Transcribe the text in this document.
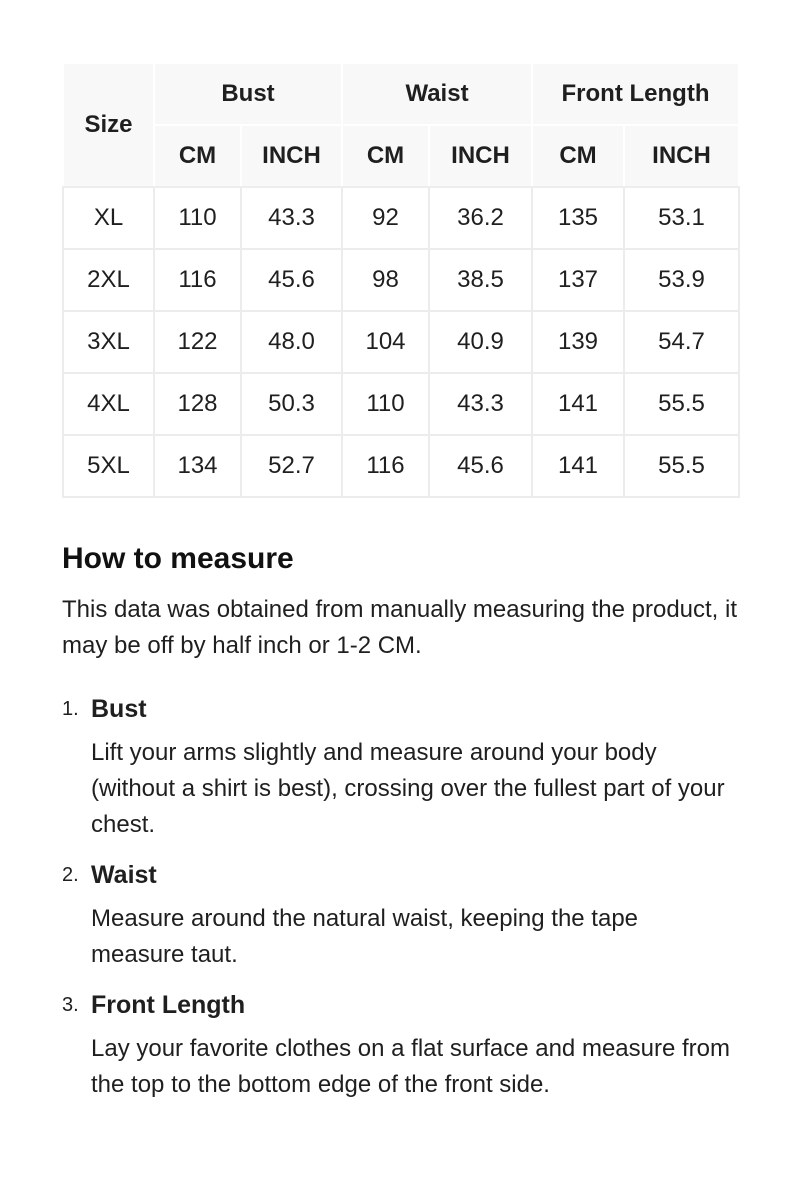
Size	Bust		Waist		Front Length	
	CM	INCH	CM	INCH	CM	INCH
XL	110	43.3	92	36.2	135	53.1
2XL	116	45.6	98	38.5	137	53.9
3XL	122	48.0	104	40.9	139	54.7
4XL	128	50.3	110	43.3	141	55.5
5XL	134	52.7	116	45.6	141	55.5
How to measure

This data was obtained from manually measuring the product, it may be off by half inch or 1-2 CM.

1. Bust
Lift your arms slightly and measure around your body (without a shirt is best), crossing over the fullest part of your chest.
2. Waist
Measure around the natural waist, keeping the tape measure taut.
3. Front Length
Lay your favorite clothes on a flat surface and measure from the top to the bottom edge of the front side.
